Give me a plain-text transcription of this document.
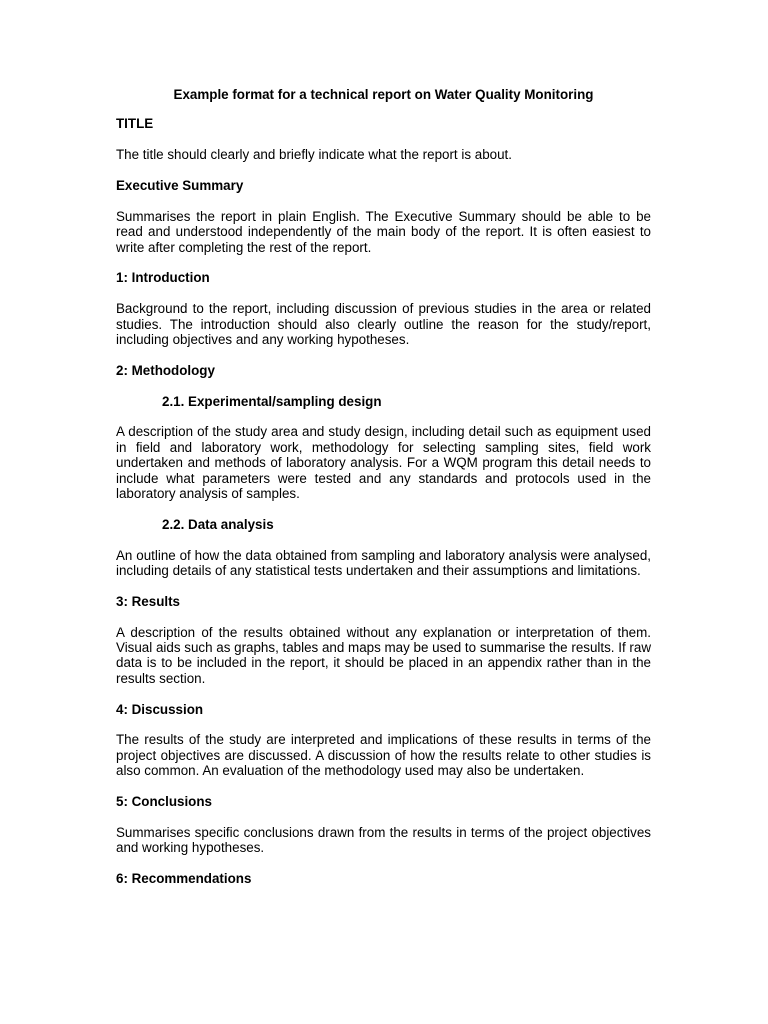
Example format for a technical report on Water Quality Monitoring
TITLE
The title should clearly and briefly indicate what the report is about.
Executive Summary
Summarises the report in plain English. The Executive Summary should be able to be read and understood independently of the main body of the report. It is often easiest to write after completing the rest of the report.
1: Introduction
Background to the report, including discussion of previous studies in the area or related studies. The introduction should also clearly outline the reason for the study/report, including objectives and any working hypotheses.
2: Methodology
2.1. Experimental/sampling design
A description of the study area and study design, including detail such as equipment used in field and laboratory work, methodology for selecting sampling sites, field work undertaken and methods of laboratory analysis. For a WQM program this detail needs to include what parameters were tested and any standards and protocols used in the laboratory analysis of samples.
2.2. Data analysis
An outline of how the data obtained from sampling and laboratory analysis were analysed, including details of any statistical tests undertaken and their assumptions and limitations.
3: Results
A description of the results obtained without any explanation or interpretation of them. Visual aids such as graphs, tables and maps may be used to summarise the results. If raw data is to be included in the report, it should be placed in an appendix rather than in the results section.
4: Discussion
The results of the study are interpreted and implications of these results in terms of the project objectives are discussed. A discussion of how the results relate to other studies is also common. An evaluation of the methodology used may also be undertaken.
5: Conclusions
Summarises specific conclusions drawn from the results in terms of the project objectives and working hypotheses.
6: Recommendations
